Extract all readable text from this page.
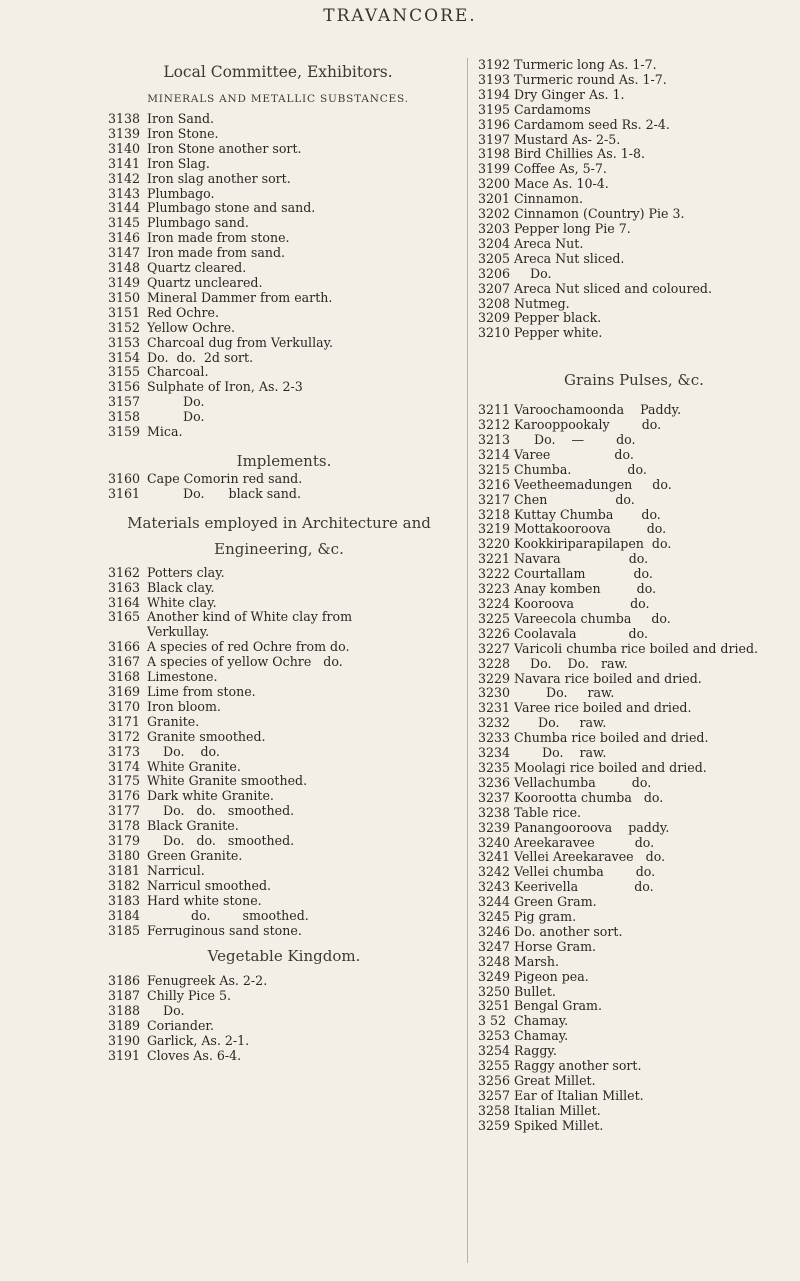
TRAVANCORE.
Local Committee, Exhibitors.
MINERALS AND METALLIC SUBSTANCES.
3138 Iron Sand.
3139 Iron Stone.
3140 Iron Stone another sort.
3141 Iron Slag.
3142 Iron slag another sort.
3143 Plumbago.
3144 Plumbago stone and sand.
3145 Plumbago sand.
3146 Iron made from stone.
3147 Iron made from sand.
3148 Quartz cleared.
3149 Quartz uncleared.
3150 Mineral Dammer from earth.
3151 Red Ochre.
3152 Yellow Ochre.
3153 Charcoal dug from Verkullay.
3154 Do.  do.  2d sort.
3155 Charcoal.
3156 Sulphate of Iron, As. 2-3
3157 Do.
3158 Do.
3159 Mica.
Implements.
3160 Cape Comorin red sand.
3161 Do.      black sand.
Materials employed in Architecture and
Engineering, &c.
3162 Potters clay.
3163 Black clay.
3164 White clay.
3165 Another kind of White clay from
Verkullay.
3166 A species of red Ochre from do.
3167 A species of yellow Ochre   do.
3168 Limestone.
3169 Lime from stone.
3170 Iron bloom.
3171 Granite.
3172 Granite smoothed.
3173 Do.    do.
3174 White Granite.
3175 White Granite smoothed.
3176 Dark white Granite.
3177 Do.   do.   smoothed.
3178 Black Granite.
3179 Do.   do.   smoothed.
3180 Green Granite.
3181 Narricul.
3182 Narricul smoothed.
3183 Hard white stone.
3184 do.        smoothed.
3185 Ferruginous sand stone.
Vegetable Kingdom.
3186 Fenugreek As. 2-2.
3187 Chilly Pice 5.
3188 Do.
3189 Coriander.
3190 Garlick, As. 2-1.
3191 Cloves As. 6-4.
3192 Turmeric long As. 1-7.
3193 Turmeric round As. 1-7.
3194 Dry Ginger As. 1.
3195 Cardamoms
3196 Cardamom seed Rs. 2-4.
3197 Mustard As- 2-5.
3198 Bird Chillies As. 1-8.
3199 Coffee As, 5-7.
3200 Mace As. 10-4.
3201 Cinnamon.
3202 Cinnamon (Country) Pie 3.
3203 Pepper long Pie 7.
3204 Areca Nut.
3205 Areca Nut sliced.
3206 Do.
3207 Areca Nut sliced and coloured.
3208 Nutmeg.
3209 Pepper black.
3210 Pepper white.
Grains Pulses, &c.
3211 Varoochamoonda    Paddy.
3212 Karooppookaly        do.
3213 Do.    —        do.
3214 Varee                do.
3215 Chumba.              do.
3216 Veetheemadungen     do.
3217 Chen                 do.
3218 Kuttay Chumba       do.
3219 Mottakooroova         do.
3220 Kookkiriparapilapen  do.
3221 Navara                 do.
3222 Courtallam            do.
3223 Anay komben         do.
3224 Kooroova              do.
3225 Vareecola chumba     do.
3226 Coolavala             do.
3227 Varicoli chumba rice boiled and dried.
3228 Do.    Do.   raw.
3229 Navara rice boiled and dried.
3230 Do.     raw.
3231 Varee rice boiled and dried.
3232 Do.     raw.
3233 Chumba rice boiled and dried.
3234 Do.    raw.
3235 Moolagi rice boiled and dried.
3236 Vellachumba         do.
3237 Koorootta chumba   do.
3238 Table rice.
3239 Panangooroova    paddy.
3240 Areekaravee          do.
3241 Vellei Areekaravee   do.
3242 Vellei chumba        do.
3243 Keerivella              do.
3244 Green Gram.
3245 Pig gram.
3246 Do. another sort.
3247 Horse Gram.
3248 Marsh.
3249 Pigeon pea.
3250 Bullet.
3251 Bengal Gram.
3 52 Chamay.
3253 Chamay.
3254 Raggy.
3255 Raggy another sort.
3256 Great Millet.
3257 Ear of Italian Millet.
3258 Italian Millet.
3259 Spiked Millet.
